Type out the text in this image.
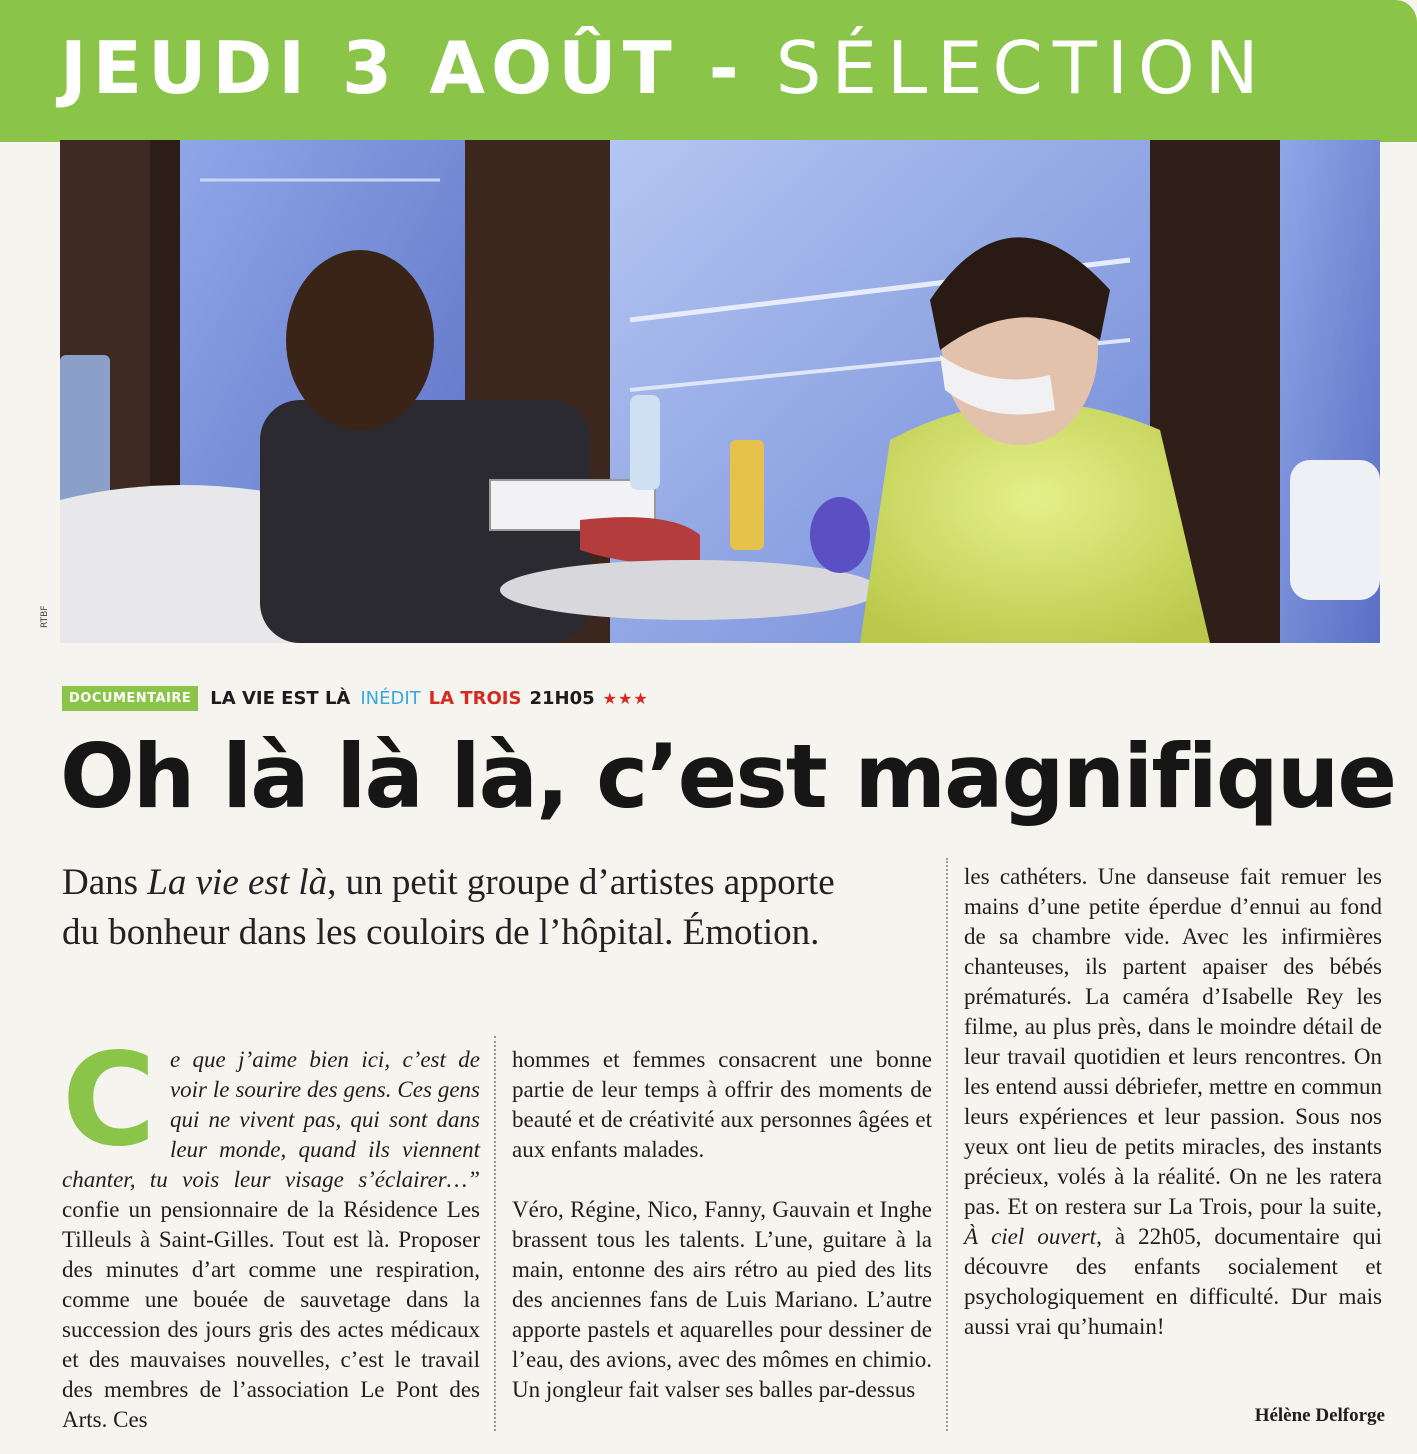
JEUDI 3 AOÛT - SÉLECTION
RTBF
DOCUMENTAIRE	LA VIE EST LÀ INÉDIT LA TROIS 21H05 ★★★
Oh là là là, c’est magnifique
Dans La vie est là, un petit groupe d’artistes apporte du bonheur dans les couloirs de l’hôpital. Émotion.

Ce que j’aime bien ici, c’est de voir le sourire des gens. Ces gens qui ne vivent pas, qui sont dans leur monde, quand ils viennent chanter, tu vois leur visage s’éclairer…” confie un pensionnaire de la Résidence Les Tilleuls à Saint-Gilles. Tout est là. Proposer des minutes d’art comme une respiration, comme une bouée de sauvetage dans la succession des jours gris des actes médicaux et des mauvaises nouvelles, c’est le travail des membres de l’association Le Pont des Arts. Ces

hommes et femmes consacrent une bonne partie de leur temps à offrir des moments de beauté et de créativité aux personnes âgées et aux enfants malades.

Véro, Régine, Nico, Fanny, Gauvain et Inghe brassent tous les talents. L’une, guitare à la main, entonne des airs rétro au pied des lits des anciennes fans de Luis Mariano. L’autre apporte pastels et aquarelles pour dessiner de l’eau, des avions, avec des mômes en chimio. Un jongleur fait valser ses balles par-dessus

les cathéters. Une danseuse fait remuer les mains d’une petite éperdue d’ennui au fond de sa chambre vide. Avec les infirmières chanteuses, ils partent apaiser des bébés prématurés. La caméra d’Isabelle Rey les filme, au plus près, dans le moindre détail de leur travail quotidien et leurs rencontres. On les entend aussi débriefer, mettre en commun leurs expériences et leur passion. Sous nos yeux ont lieu de petits miracles, des instants précieux, volés à la réalité. On ne les ratera pas. Et on restera sur La Trois, pour la suite, À ciel ouvert, à 22h05, documentaire qui découvre des enfants socialement et psychologiquement en difficulté. Dur mais aussi vrai qu’humain!

Hélène Delforge
